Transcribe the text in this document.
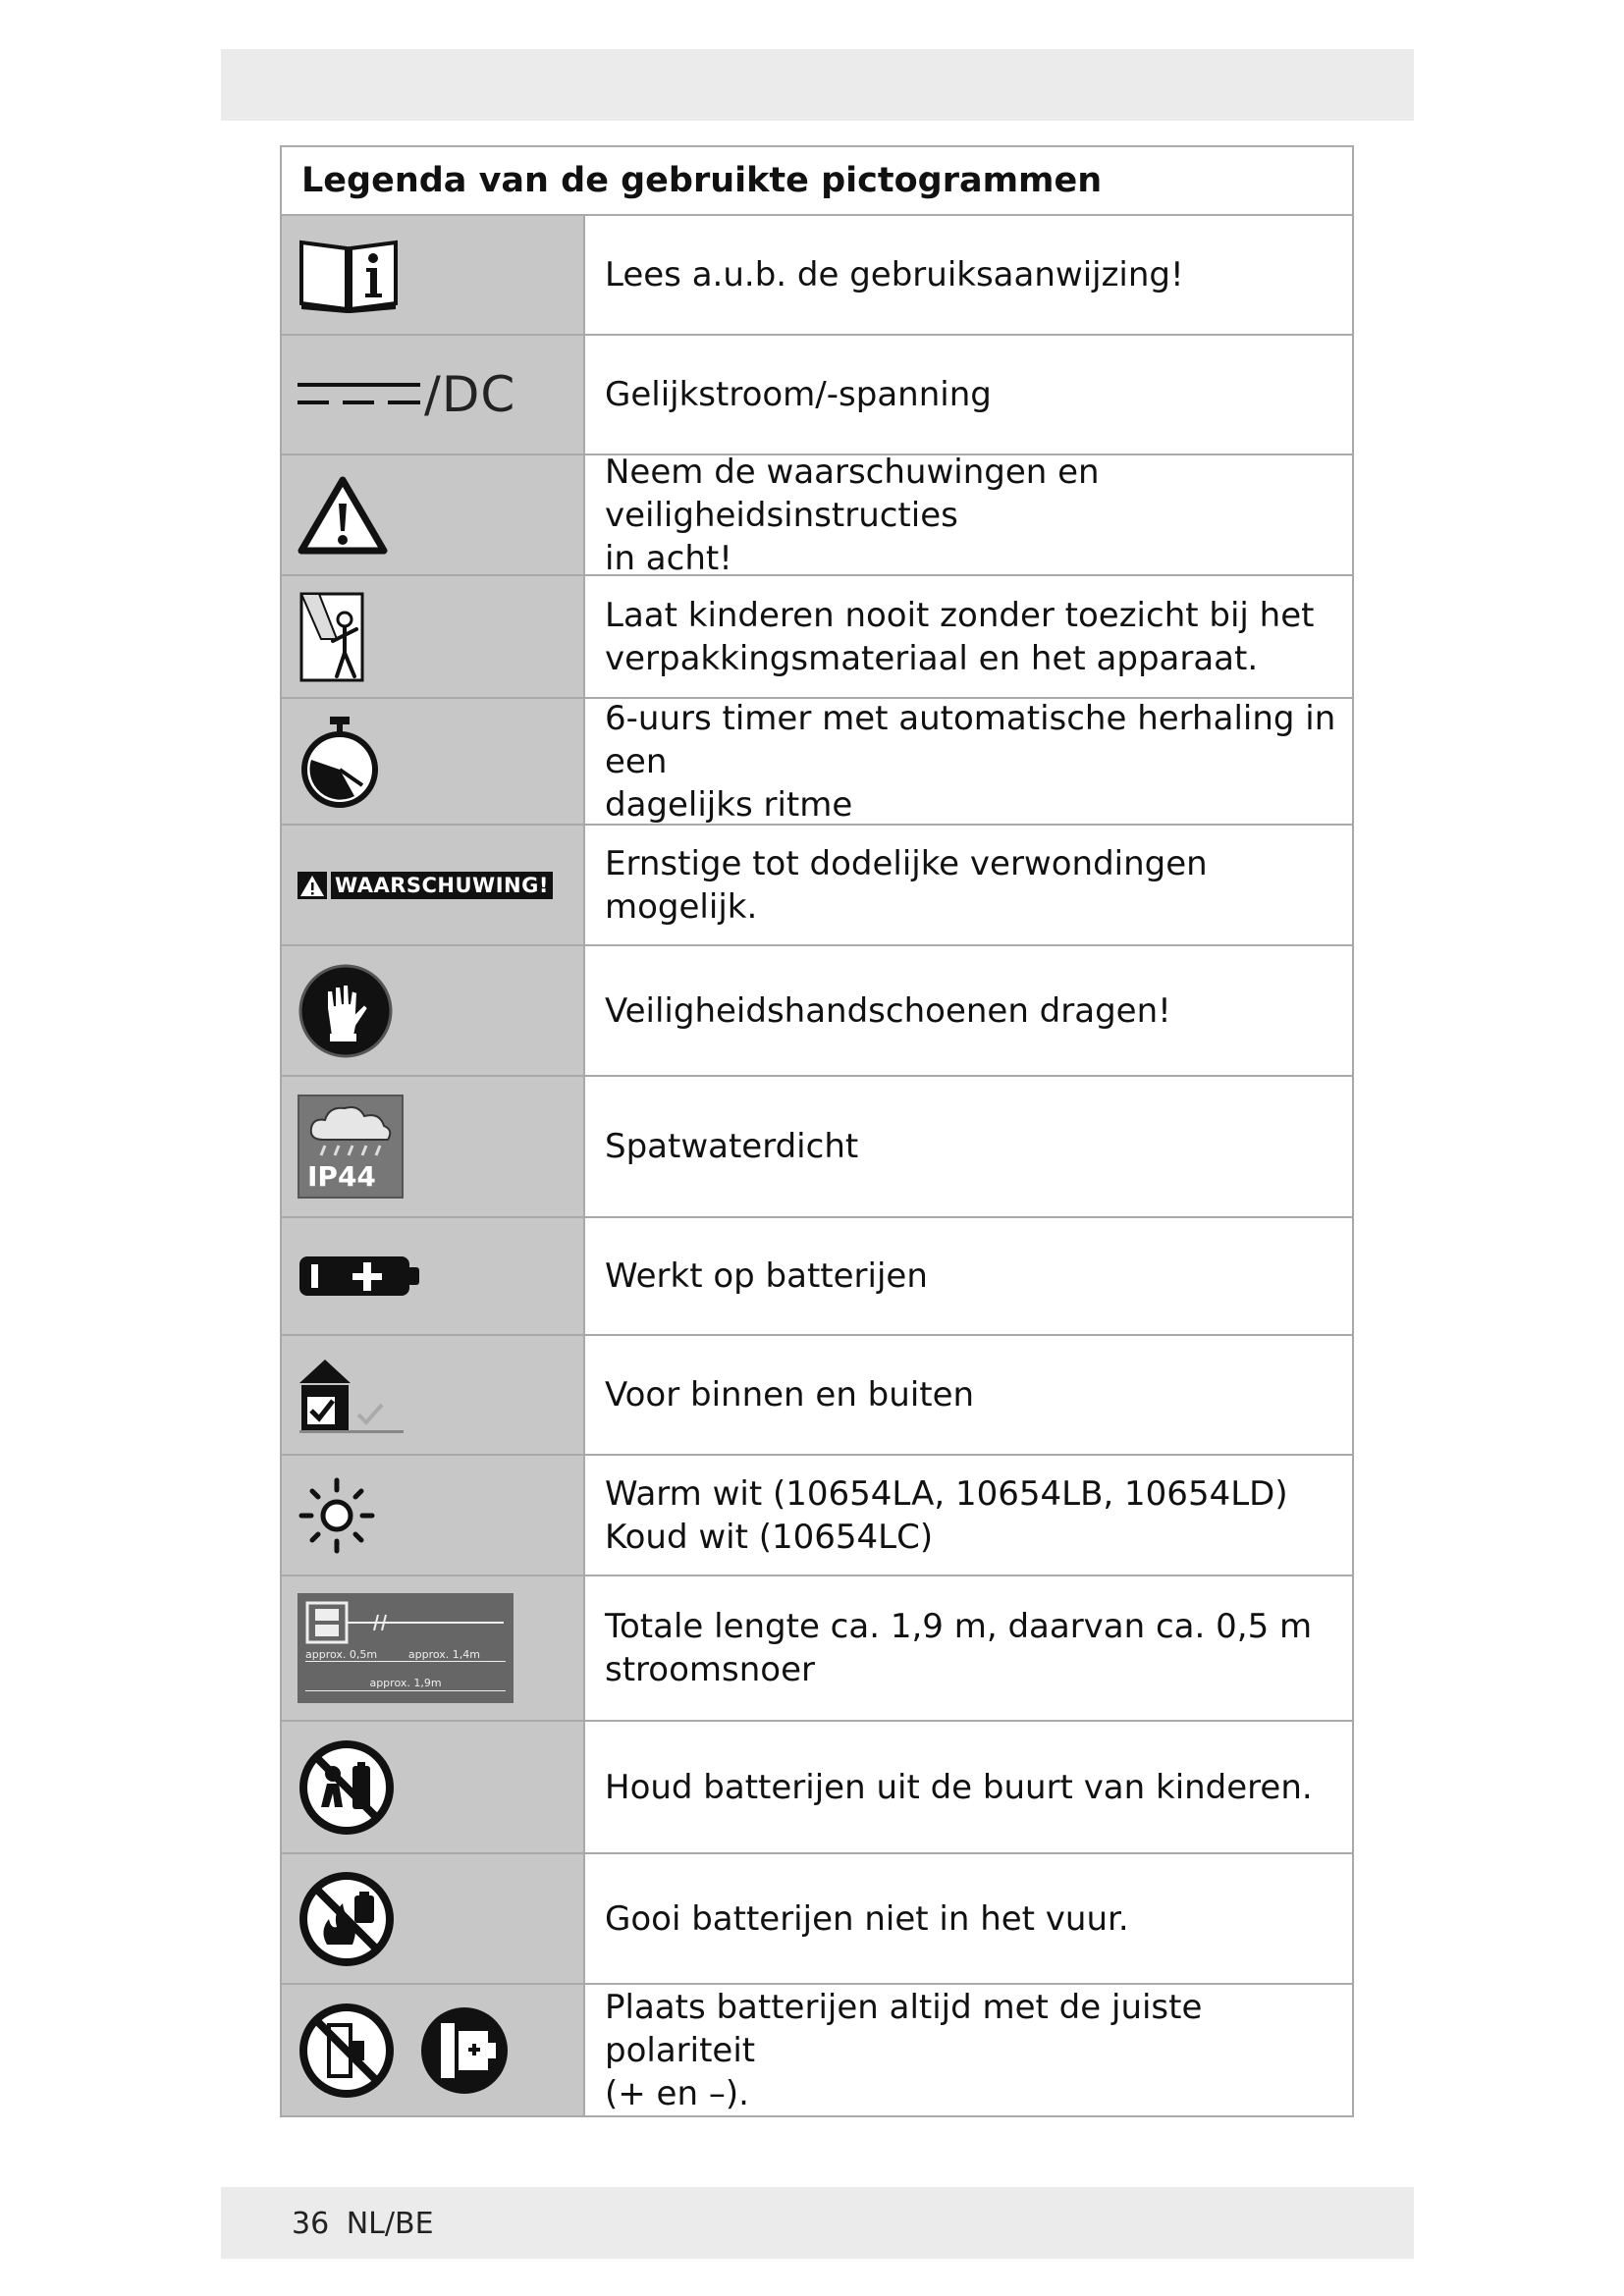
Legenda van de gebruikte pictogrammen
Lees a.u.b. de gebruiksaanwijzing!
/DC	Gelijkstroom/-spanning
Neem de waarschuwingen en veiligheidsinstructies
in acht!
Laat kinderen nooit zonder toezicht bij het
verpakkingsmateriaal en het apparaat.
6-uurs timer met automatische herhaling in een
dagelijks ritme
WAARSCHUWING!
Ernstige tot dodelijke verwondingen mogelijk.
Veiligheidshandschoenen dragen!
IP44
Spatwaterdicht
Werkt op batterijen
Voor binnen en buiten
Warm wit (10654LA, 10654LB, 10654LD)
Koud wit (10654LC)
approx. 0,5m	approx. 1,4m
approx. 1,9m
Totale lengte ca. 1,9 m, daarvan ca. 0,5 m
stroomsnoer
Houd batterijen uit de buurt van kinderen.
Gooi batterijen niet in het vuur.
Plaats batterijen altijd met de juiste polariteit
(+ en –).
36 NL/BE
